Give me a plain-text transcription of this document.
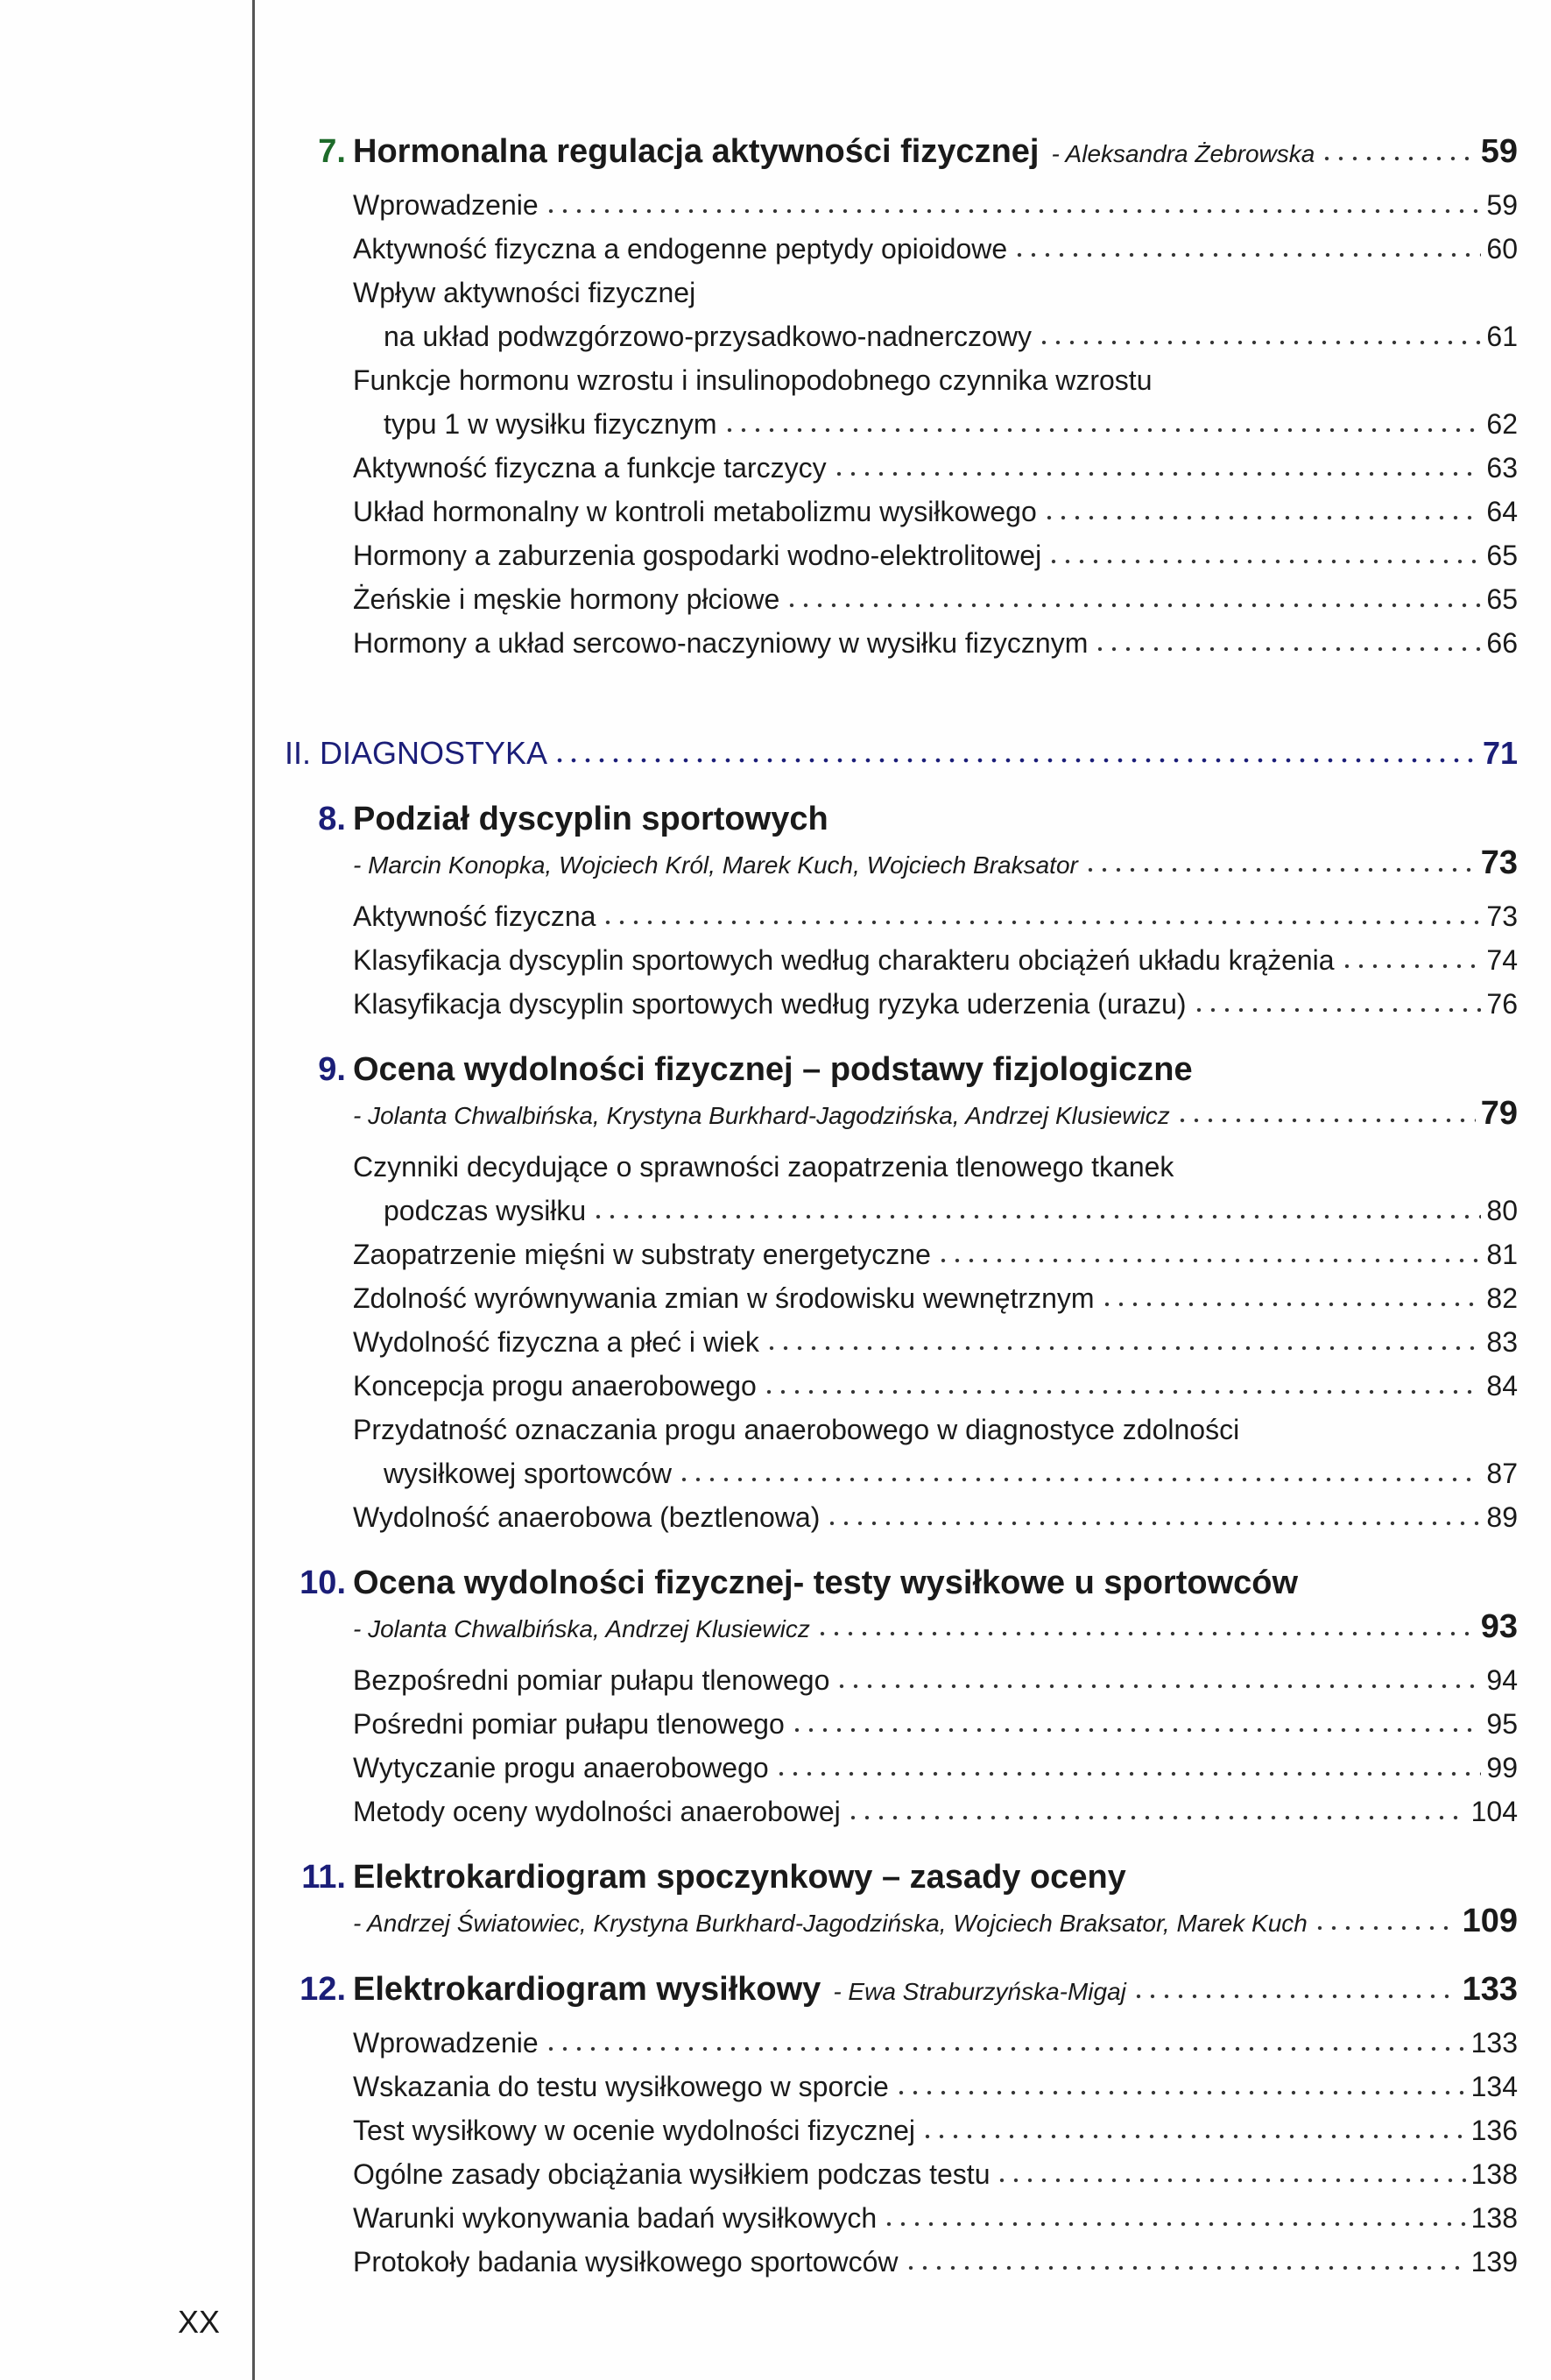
7. Hormonalna regulacja aktywności fizycznej - Aleksandra Żebrowska	59
Wprowadzenie	59
Aktywność fizyczna a endogenne peptydy opioidowe	60
Wpływ aktywności fizycznej
na układ podwzgórzowo-przysadkowo-nadnerczowy	61
Funkcje hormonu wzrostu i insulinopodobnego czynnika wzrostu
typu 1 w wysiłku fizycznym	62
Aktywność fizyczna a funkcje tarczycy	63
Układ hormonalny w kontroli metabolizmu wysiłkowego	64
Hormony a zaburzenia gospodarki wodno-elektrolitowej	65
Żeńskie i męskie hormony płciowe	65
Hormony a układ sercowo-naczyniowy w wysiłku fizycznym	66
II. DIAGNOSTYKA	71
8. Podział dyscyplin sportowych
- Marcin Konopka, Wojciech Król, Marek Kuch, Wojciech Braksator	73
Aktywność fizyczna	73
Klasyfikacja dyscyplin sportowych według charakteru obciążeń układu krążenia	74
Klasyfikacja dyscyplin sportowych według ryzyka uderzenia (urazu)	76
9. Ocena wydolności fizycznej – podstawy fizjologiczne
- Jolanta Chwalbińska, Krystyna Burkhard-Jagodzińska, Andrzej Klusiewicz	79
Czynniki decydujące o sprawności zaopatrzenia tlenowego tkanek
podczas wysiłku	80
Zaopatrzenie mięśni w substraty energetyczne	81
Zdolność wyrównywania zmian w środowisku wewnętrznym	82
Wydolność fizyczna a płeć i wiek	83
Koncepcja progu anaerobowego	84
Przydatność oznaczania progu anaerobowego w diagnostyce zdolności
wysiłkowej sportowców	87
Wydolność anaerobowa (beztlenowa)	89
10. Ocena wydolności fizycznej- testy wysiłkowe u sportowców
- Jolanta Chwalbińska, Andrzej Klusiewicz	93
Bezpośredni pomiar pułapu tlenowego	94
Pośredni pomiar pułapu tlenowego	95
Wytyczanie progu anaerobowego	99
Metody oceny wydolności anaerobowej	104
11. Elektrokardiogram spoczynkowy – zasady oceny
- Andrzej Światowiec, Krystyna Burkhard-Jagodzińska, Wojciech Braksator, Marek Kuch	109
12. Elektrokardiogram wysiłkowy - Ewa Straburzyńska-Migaj	133
Wprowadzenie	133
Wskazania do testu wysiłkowego w sporcie	134
Test wysiłkowy w ocenie wydolności fizycznej	136
Ogólne zasady obciążania wysiłkiem podczas testu	138
Warunki wykonywania badań wysiłkowych	138
Protokoły badania wysiłkowego sportowców	139
XX
